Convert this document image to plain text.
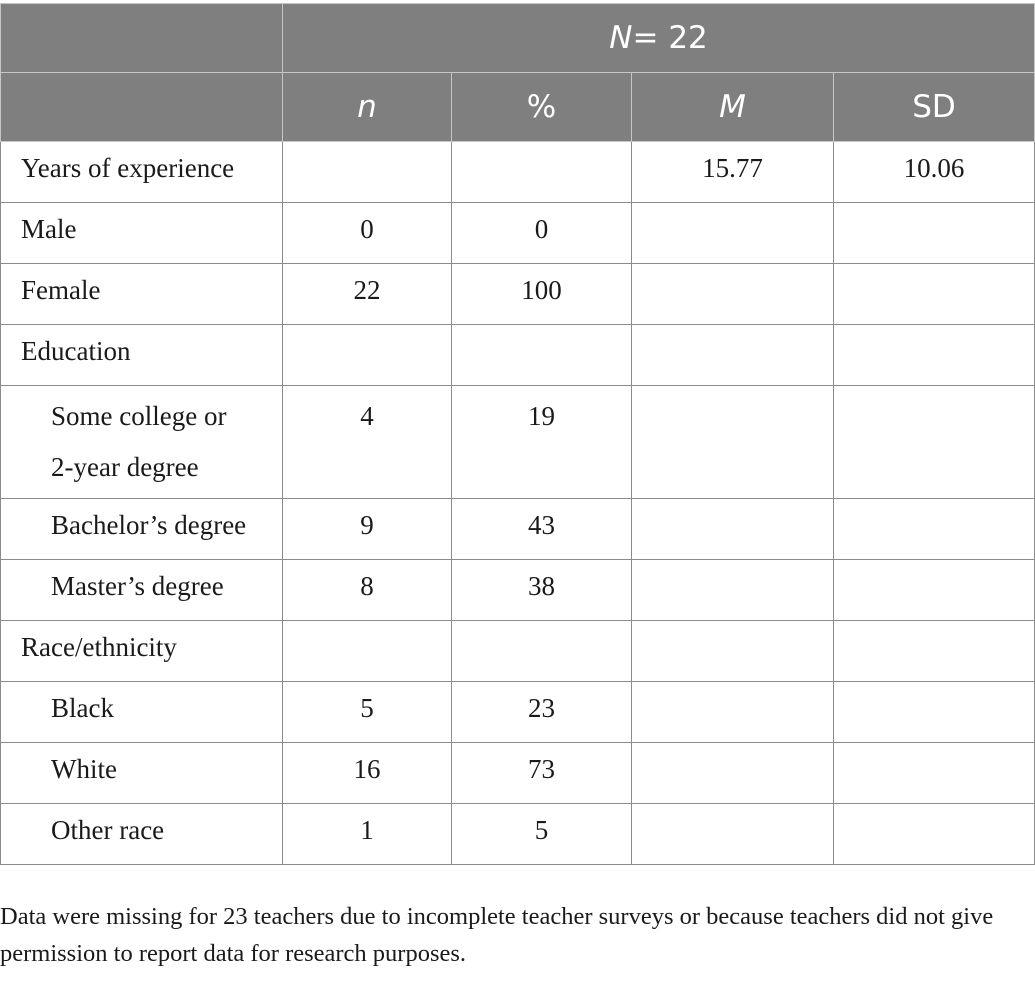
	N= 22			
	n	%	M	SD
Years of experience			15.77	10.06
Male	0	0		
Female	22	100		
Education				
Some college or
2-year degree	4	19		
Bachelor’s degree	9	43		
Master’s degree	8	38		
Race/ethnicity				
Black	5	23		
White	16	73		
Other race	1	5		

Data were missing for 23 teachers due to incomplete teacher surveys or because teachers did not give permission to report data for research purposes.
